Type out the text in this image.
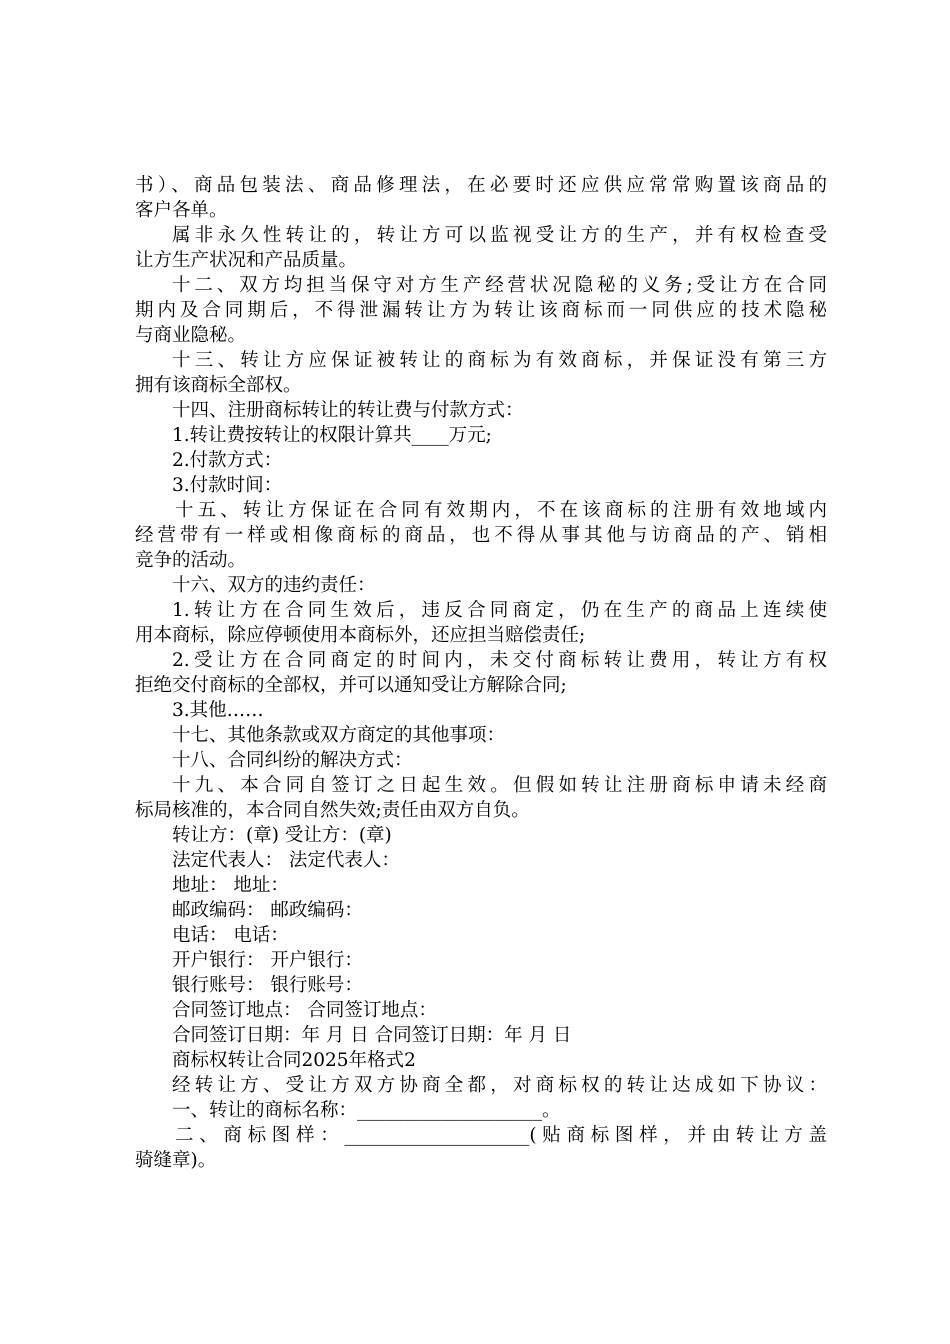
书）、商品包装法、商品修理法，在必要时还应供应常常购置该商品的
客户各单。
属非永久性转让的，转让方可以监视受让方的生产，并有权检查受
让方生产状况和产品质量。
十二、双方均担当保守对方生产经营状况隐秘的义务;受让方在合同
期内及合同期后，不得泄漏转让方为转让该商标而一同供应的技术隐秘
与商业隐秘。
十三、转让方应保证被转让的商标为有效商标，并保证没有第三方
拥有该商标全部权。
十四、注册商标转让的转让费与付款方式：
1.转让费按转让的权限计算共____万元;
2.付款方式：
3.付款时间：
十五、转让方保证在合同有效期内，不在该商标的注册有效地域内
经营带有一样或相像商标的商品，也不得从事其他与访商品的产、销相
竞争的活动。
十六、双方的违约责任：
1.转让方在合同生效后，违反合同商定，仍在生产的商品上连续使
用本商标，除应停顿使用本商标外，还应担当赔偿责任;
2.受让方在合同商定的时间内，未交付商标转让费用，转让方有权
拒绝交付商标的全部权，并可以通知受让方解除合同;
3.其他……
十七、其他条款或双方商定的其他事项：
十八、合同纠纷的解决方式：
十九、本合同自签订之日起生效。但假如转让注册商标申请未经商
标局核准的，本合同自然失效;责任由双方自负。
转让方：(章) 受让方：(章)
法定代表人： 法定代表人：
地址： 地址：
邮政编码： 邮政编码：
电话： 电话：
开户银行： 开户银行：
银行账号： 银行账号：
合同签订地点： 合同签订地点：
合同签订日期：年 月 日 合同签订日期：年 月 日
商标权转让合同2025年格式2
经转让方、受让方双方协商全都，对商标权的转让达成如下协议：
一、转让的商标名称：____________________。
二、商标图样：____________________(贴商标图样，并由转让方盖
骑缝章)。
